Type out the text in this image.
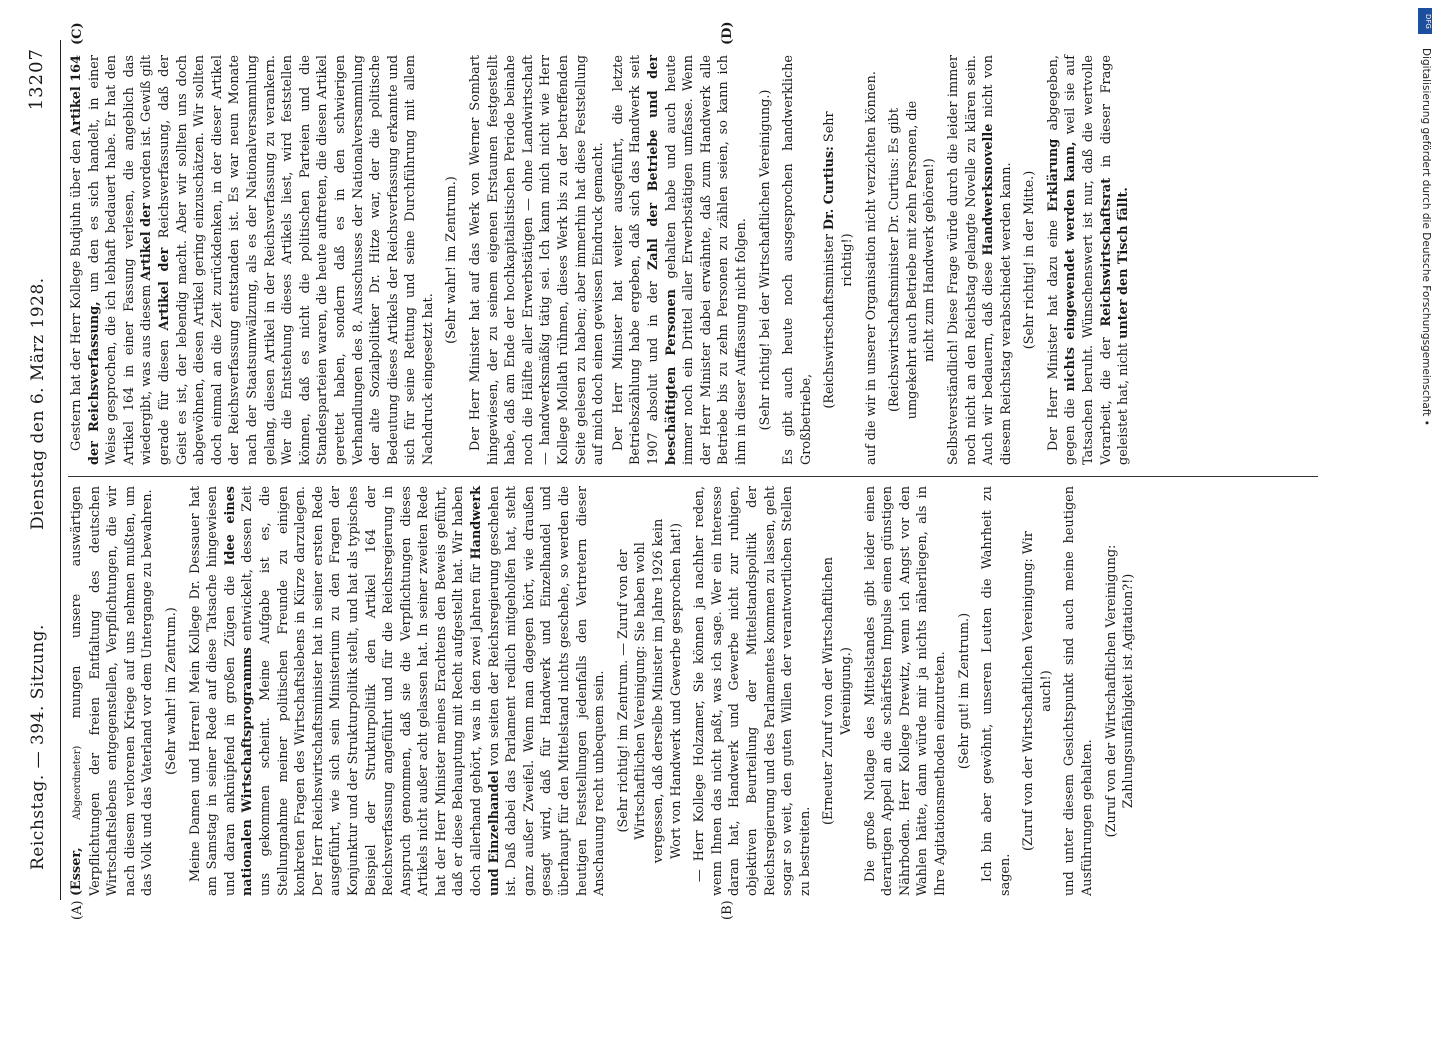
Reichstag. — 394. Sitzung.
Dienstag den 6. März 1928.
13207
(A)	(B)
(C)	(D)

(Esser, Abgeordneter) mungen unsere auswärtigen Verpflichtungen der freien Entfaltung des deutschen Wirtschaftslebens entgegenstellen, Verpflichtungen, die wir nach diesem verlorenen Kriege auf uns nehmen mußten, um das Volk und das Vaterland vor dem Untergange zu bewahren. (Sehr wahr! im Zentrum.) Meine Damen und Herren! Mein Kollege Dr. Dessauer hat am Samstag in seiner Rede auf diese Tatsache hingewiesen und daran anknüpfend in großen Zügen die Idee eines nationalen Wirtschaftsprogramms entwickelt, dessen Zeit uns gekommen scheint. Meine Aufgabe ist es, die Stellungnahme meiner politischen Freunde zu einigen konkreten Fragen des Wirtschaftslebens in Kürze darzulegen. Der Herr Reichswirtschaftsminister hat in seiner ersten Rede ausgeführt, wie sich sein Ministerium zu den Fragen der Konjunktur und der Strukturpolitik stellt, und hat als typisches Beispiel der Strukturpolitik den Artikel 164 der Reichsverfassung angeführt und für die Reichsregierung in Anspruch genommen, daß sie die Verpflichtungen dieses Artikels nicht außer acht gelassen hat. In seiner zweiten Rede hat der Herr Minister meines Erachtens den Beweis geführt, daß er diese Behauptung mit Recht aufgestellt hat. Wir haben doch allerhand gehört, was in den zwei Jahren für Handwerk und Einzelhandel von seiten der Reichsregierung geschehen ist. Daß dabei das Parlament redlich mitgeholfen hat, steht ganz außer Zweifel. Wenn man dagegen hört, wie draußen gesagt wird, daß für Handwerk und Einzelhandel und überhaupt für den Mittelstand nichts geschehe, so werden die heutigen Feststellungen jedenfalls den Vertretern dieser Anschauung recht unbequem sein. (Sehr richtig! im Zentrum. — Zuruf von der Wirtschaftlichen Vereinigung: Sie haben wohl vergessen, daß derselbe Minister im Jahre 1926 kein Wort von Handwerk und Gewerbe gesprochen hat!) — Herr Kollege Holzamer, Sie können ja nachher reden, wenn Ihnen das nicht paßt, was ich sage. Wer ein Interesse daran hat, Handwerk und Gewerbe nicht zur ruhigen, objektiven Beurteilung der Mittelstandspolitik der Reichsregierung und des Parlamentes kommen zu lassen, geht sogar so weit, den guten Willen der verantwortlichen Stellen zu bestreiten.

(Erneuter Zuruf von der Wirtschaftlichen Vereinigung.) Die große Notlage des Mittelstandes gibt leider einen derartigen Appell an die schärfsten Impulse einen günstigen Nährboden. Herr Kollege Drewitz, wenn ich Angst vor den Wahlen hätte, dann würde mir ja nichts näherliegen, als in Ihre Agitationsmethoden einzutreten. (Sehr gut! im Zentrum.) Ich bin aber gewöhnt, unseren Leuten die Wahrheit zu sagen.

(Zuruf von der Wirtschaftlichen Vereinigung: Wir auch!) und unter diesem Gesichtspunkt sind auch meine heutigen Ausführungen gehalten. (Zuruf von der Wirtschaftlichen Vereinigung: Zahlungsunfähigkeit ist Agitation?!)

Gestern hat der Herr Kollege Budjuhn über den Artikel 164 der Reichsverfassung, um den es sich handelt, in einer Weise gesprochen, die ich lebhaft bedauert habe. Er hat den Artikel 164 in einer Fassung verlesen, die angeblich das wiedergibt, was aus diesem Artikel der worden ist. Gewiß gilt gerade für diesen Artikel der Reichsverfassung, daß der Geist es ist, der lebendig macht. Aber wir sollten uns doch abgewöhnen, diesen Artikel gering einzuschätzen. Wir sollten doch einmal an die Zeit zurückdenken, in der dieser Artikel der Reichsverfassung entstanden ist. Es war neun Monate nach der Staatsumwälzung, als es der Nationalversammlung gelang, diesen Artikel in der Reichsverfassung zu verankern. Wer die Entstehung dieses Artikels liest, wird feststellen können, daß es nicht die politischen Parteien und die Standesparteien waren, die heute auftreten, die diesen Artikel gerettet haben, sondern daß es in den schwierigen Verhandlungen des 8. Ausschusses der Nationalversammlung der alte Sozialpolitiker Dr. Hitze war, der die politische Bedeutung dieses Artikels der Reichsverfassung erkannte und sich für seine Rettung und seine Durchführung mit allem Nachdruck eingesetzt hat.

(Sehr wahr! im Zentrum.) Der Herr Minister hat auf das Werk von Werner Sombart hingewiesen, der zu seinem eigenen Erstaunen festgestellt habe, daß am Ende der hochkapitalistischen Periode beinahe noch die Hälfte aller Erwerbstätigen — ohne Landwirtschaft — handwerksmäßig tätig sei. Ich kann mich nicht wie Herr Kollege Mollath rühmen, dieses Werk bis zu der betreffenden Seite gelesen zu haben; aber immerhin hat diese Feststellung auf mich doch einen gewissen Eindruck gemacht. Der Herr Minister hat weiter ausgeführt, die letzte Betriebszählung habe ergeben, daß sich das Handwerk seit 1907 absolut und in der Zahl der Betriebe und der beschäftigten Personen gehalten habe und auch heute immer noch ein Drittel aller Erwerbstätigen umfasse. Wenn der Herr Minister dabei erwähnte, daß zum Handwerk alle Betriebe bis zu zehn Personen zu zählen seien, so kann ich ihm in dieser Auffassung nicht folgen. (Sehr richtig! bei der Wirtschaftlichen Vereinigung.) Es gibt auch heute noch ausgesprochen handwerkliche Großbetriebe,

(Reichswirtschaftsminister Dr. Curtius: Sehr richtig!) auf die wir in unserer Organisation nicht verzichten können. (Reichswirtschaftsminister Dr. Curtius: Es gibt umgekehrt auch Betriebe mit zehn Personen, die nicht zum Handwerk gehören!) Selbstverständlich! Diese Frage würde durch die leider immer noch nicht an den Reichstag gelangte Novelle zu klären sein. Auch wir bedauern, daß diese Handwerksnovelle nicht von diesem Reichstag verabschiedet werden kann. (Sehr richtig! in der Mitte.) Der Herr Minister hat dazu eine Erklärung abgegeben, gegen die nichts eingewendet werden kann, weil sie auf Tatsachen beruht. Wünschenswert ist nur, daß die wertvolle Vorarbeit, die der Reichswirtschaftsrat in dieser Frage geleistet hat, nicht unter den Tisch fällt.

DFG
Digitalisierung gefördert durch die Deutsche Forschungsgemeinschaft •
